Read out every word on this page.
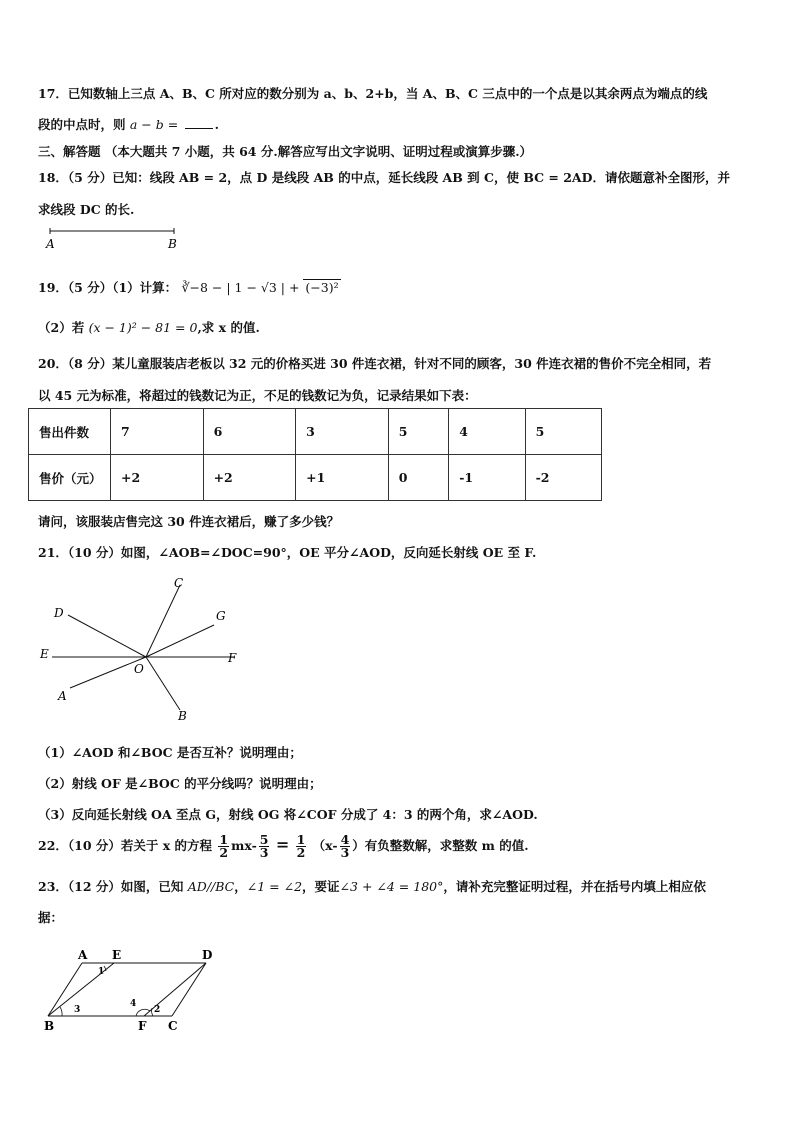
17．已知数轴上三点 A、B、C 所对应的数分别为 a、b、2+b，当 A、B、C 三点中的一个点是以其余两点为端点的线
段的中点时，则 a − b =	.
三、解答题 （本大题共 7 小题，共 64 分.解答应写出文字说明、证明过程或演算步骤.）
18．（5 分）已知：线段 AB = 2，点 D 是线段 AB 的中点，延长线段 AB 到 C，使 BC = 2AD．请依题意补全图形，并
求线段 DC 的长.
A	B
19．（5 分）（1）计算： ∛−8 − | 1 − √3 | + (−3)²
（2）若 (x − 1)² − 81 = 0,求 x 的值.
20．（8 分）某儿童服装店老板以 32 元的价格买进 30 件连衣裙，针对不同的顾客，30 件连衣裙的售价不完全相同，若
以 45 元为标准，将超过的钱数记为正，不足的钱数记为负，记录结果如下表：
售出件数	7	6	3	5	4	5
售价（元）	+2	+2	+1	0	-1	-2
请问，该服装店售完这 30 件连衣裙后，赚了多少钱？
21．（10 分）如图，∠AOB=∠DOC=90°，OE 平分∠AOD，反向延长射线 OE 至 F.
C
D	G
E	F
O
A
B
（1）∠AOD 和∠BOC 是否互补？说明理由；
（2）射线 OF 是∠BOC 的平分线吗？说明理由；
（3）反向延长射线 OA 至点 G，射线 OG 将∠COF 分成了 4：3 的两个角，求∠AOD.
22．（10 分）若关于 x 的方程 $\frac{1}{2} mx- \frac{5}{3} = \frac{1}{2} (x- \frac{4}{3}$ ）有负整数解，求整数 m 的值.
23．（12 分）如图，已知 AD//BC，∠1 = ∠2，要证∠3 + ∠4 = 180°，请补充完整证明过程，并在括号内填上相应依
据：
A E	D
B	F C
1
2
3
4
